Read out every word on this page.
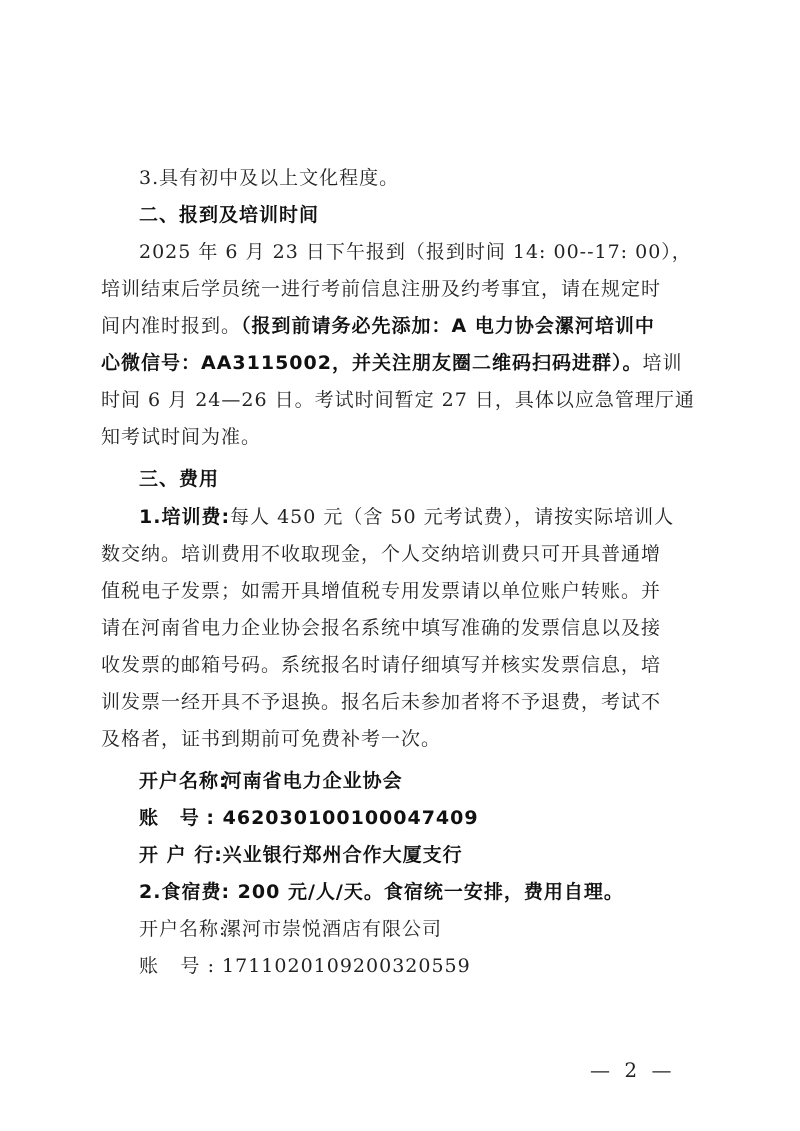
3.具有初中及以上文化程度。
二、报到及培训时间
2025 年 6 月 23 日下午报到（报到时间 14: 00--17: 00），
培训结束后学员统一进行考前信息注册及约考事宜，请在规定时
间内准时报到。（报到前请务必先添加：A 电力协会漯河培训中
心微信号：AA3115002，并关注朋友圈二维码扫码进群）。培训
时间 6 月 24—26 日。考试时间暂定 27 日，具体以应急管理厅通
知考试时间为准。
三、费用
1.培训费:每人 450 元（含 50 元考试费），请按实际培训人
数交纳。培训费用不收取现金，个人交纳培训费只可开具普通增
值税电子发票；如需开具增值税专用发票请以单位账户转账。并
请在河南省电力企业协会报名系统中填写准确的发票信息以及接
收发票的邮箱号码。系统报名时请仔细填写并核实发票信息，培
训发票一经开具不予退换。报名后未参加者将不予退费，考试不
及格者，证书到期前可免费补考一次。
开户名称: 河南省电力企业协会
账 号: 462030100100047409
开 户 行: 兴业银行郑州合作大厦支行
2.食宿费: 200 元/人/天。食宿统一安排，费用自理。
开户名称: 漯河市崇悦酒店有限公司
账 号: 171102010920032055​9
— 2 —
